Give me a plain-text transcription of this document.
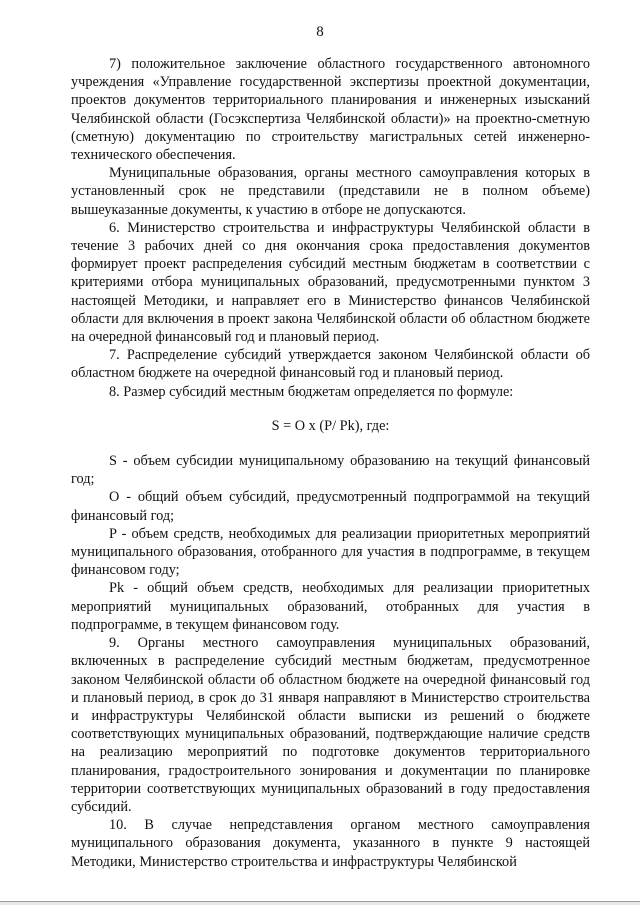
8

7) положительное заключение областного государственного автономного учреждения «Управление государственной экспертизы проектной документации, проектов документов территориального планирования и инженерных изысканий Челябинской области (Госэкспертиза Челябинской области)» на проектно-сметную (сметную) документацию по строительству магистральных сетей инженерно-технического обеспечения.

Муниципальные образования, органы местного самоуправления которых в установленный срок не представили (представили не в полном объеме) вышеуказанные документы, к участию в отборе не допускаются.

6. Министерство строительства и инфраструктуры Челябинской области в течение 3 рабочих дней со дня окончания срока предоставления документов формирует проект распределения субсидий местным бюджетам в соответствии с критериями отбора муниципальных образований, предусмотренными пунктом 3 настоящей Методики, и направляет его в Министерство финансов Челябинской области для включения в проект закона Челябинской области об областном бюджете на очередной финансовый год и плановый период.

7. Распределение субсидий утверждается законом Челябинской области об областном бюджете на очередной финансовый год и плановый период.

8. Размер субсидий местным бюджетам определяется по формуле:

S = O x (P/ Pk), где:

S - объем субсидии муниципальному образованию на текущий финансовый год;

O - общий объем субсидий, предусмотренный подпрограммой на текущий финансовый год;

P - объем средств, необходимых для реализации приоритетных мероприятий муниципального образования, отобранного для участия в подпрограмме, в текущем финансовом году;

Pk - общий объем средств, необходимых для реализации приоритетных мероприятий муниципальных образований, отобранных для участия в подпрограмме, в текущем финансовом году.

9. Органы местного самоуправления муниципальных образований, включенных в распределение субсидий местным бюджетам, предусмотренное законом Челябинской области об областном бюджете на очередной финансовый год и плановый период, в срок до 31 января направляют в Министерство строительства и инфраструктуры Челябинской области выписки из решений о бюджете соответствующих муниципальных образований, подтверждающие наличие средств на реализацию мероприятий по подготовке документов территориального планирования, градостроительного зонирования и документации по планировке территории соответствующих муниципальных образований в году предоставления субсидий.

10. В случае непредставления органом местного самоуправления муниципального образования документа, указанного в пункте 9 настоящей Методики, Министерство строительства и инфраструктуры Челябинской
